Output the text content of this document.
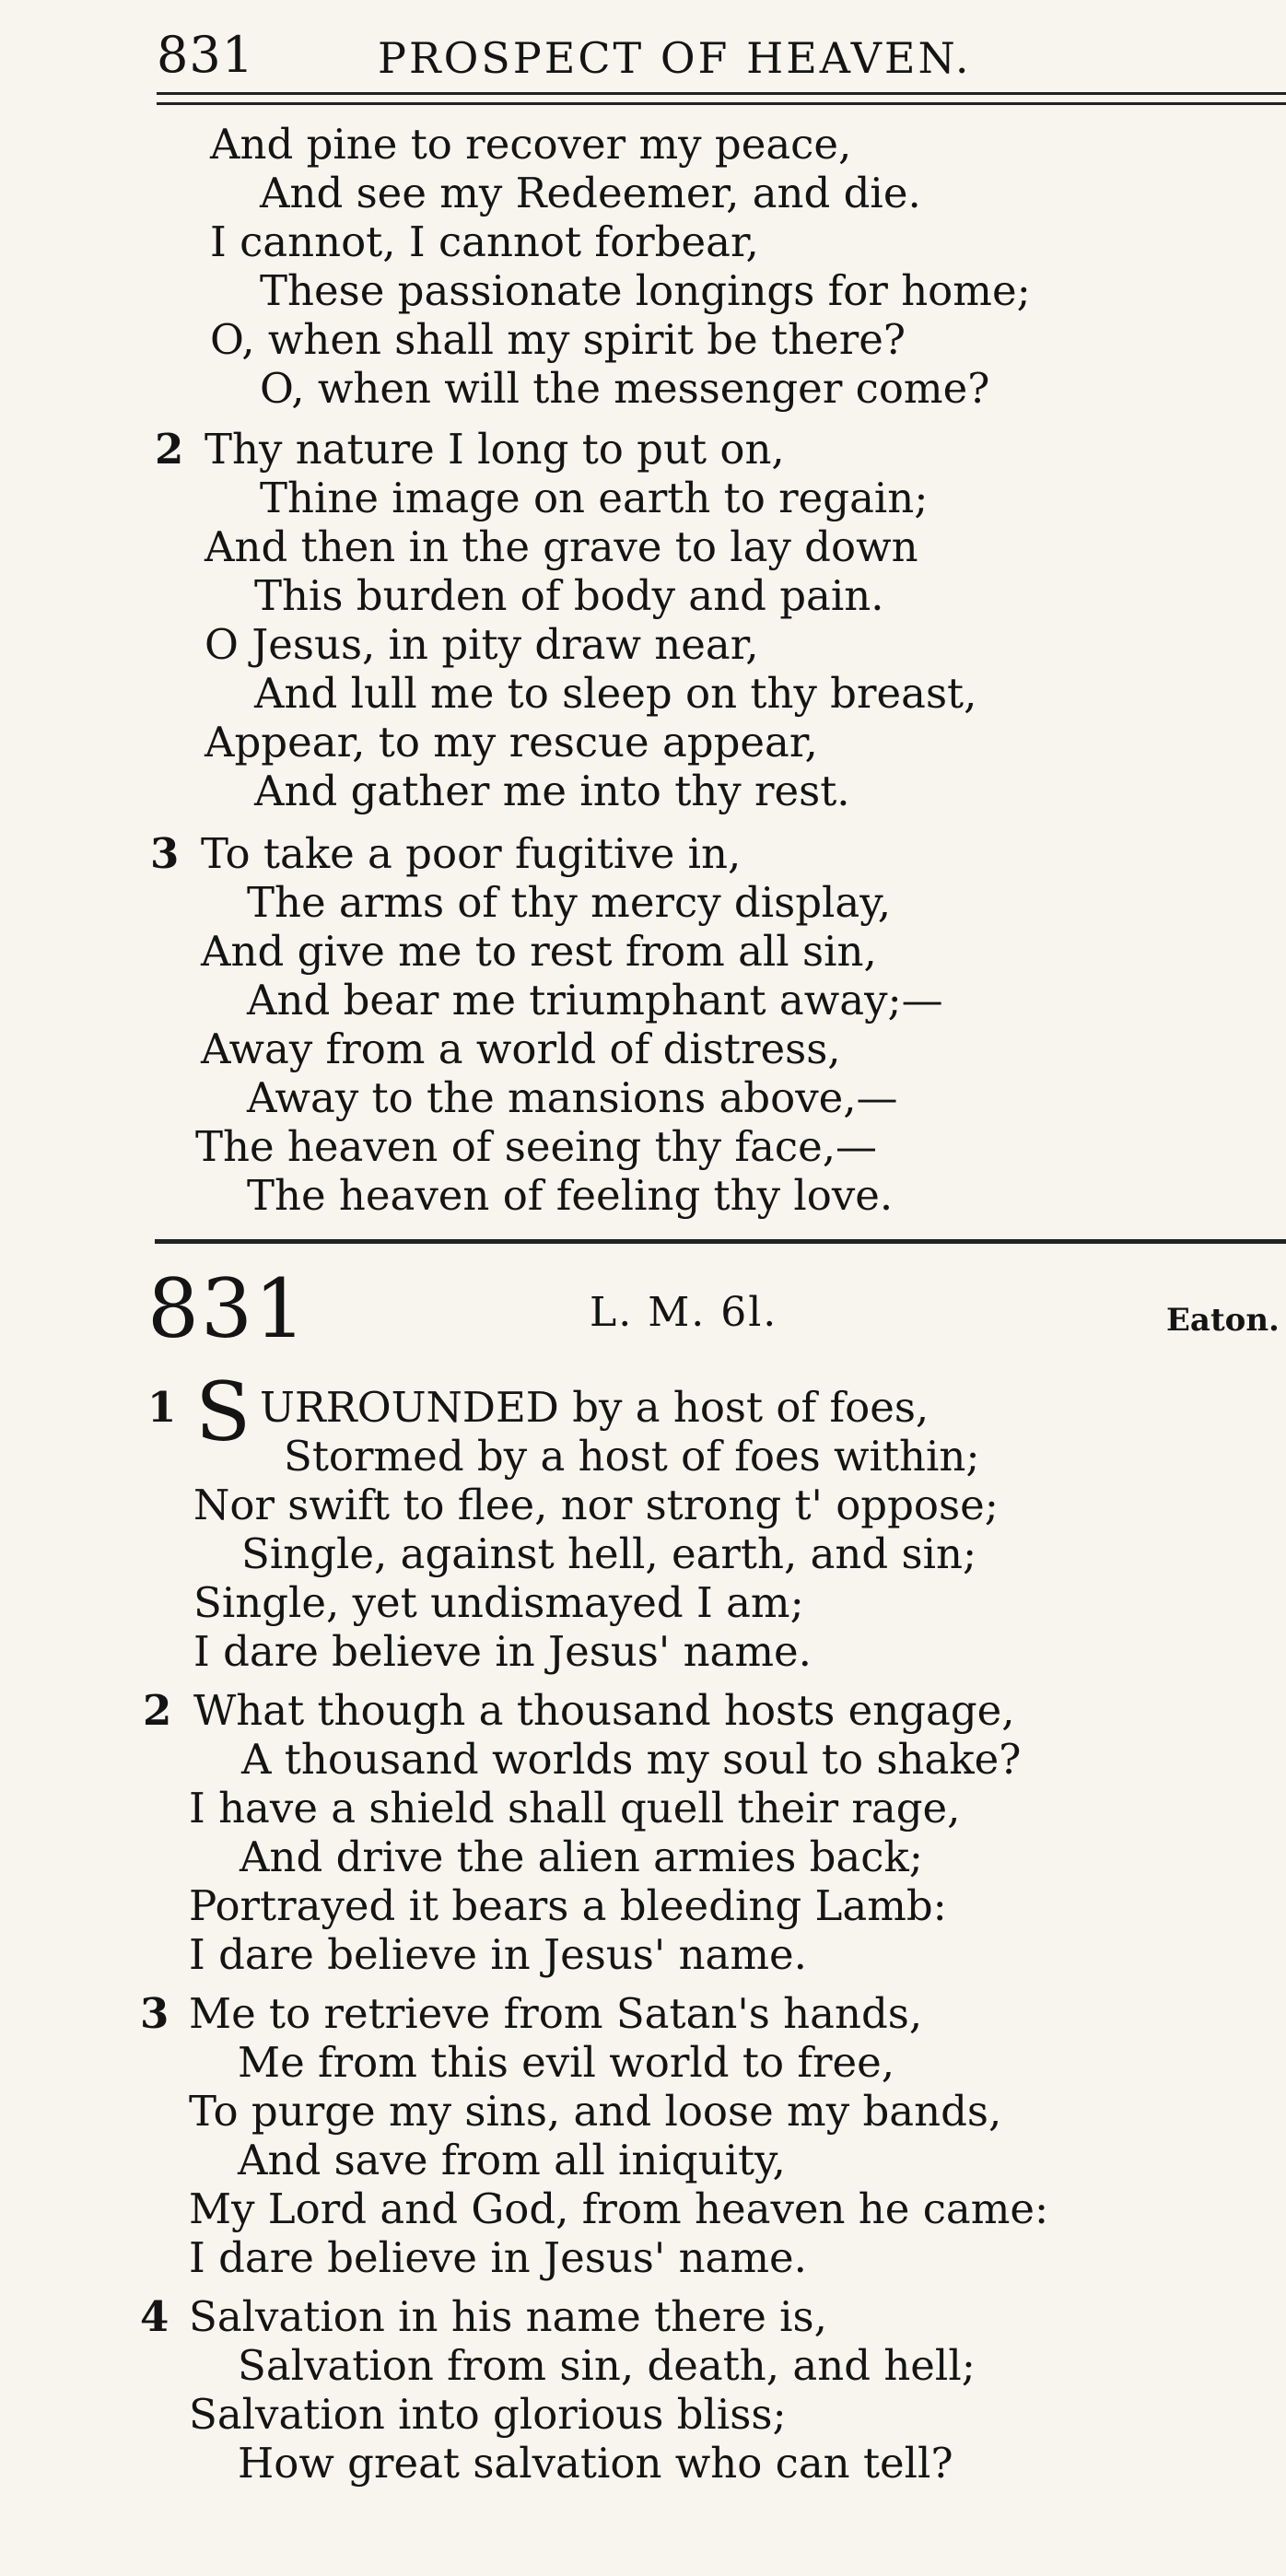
831	PROSPECT OF HEAVEN.
And pine to recover my peace,
And see my Redeemer, and die.
I cannot, I cannot forbear,
These passionate longings for home;
O, when shall my spirit be there?
O, when will the messenger come?
2 Thy nature I long to put on,
Thine image on earth to regain;
And then in the grave to lay down
This burden of body and pain.
O Jesus, in pity draw near,
And lull me to sleep on thy breast,
Appear, to my rescue appear,
And gather me into thy rest.
3 To take a poor fugitive in,
The arms of thy mercy display,
And give me to rest from all sin,
And bear me triumphant away;—
Away from a world of distress,
Away to the mansions above,—
The heaven of seeing thy face,—
The heaven of feeling thy love.
831	L. M. 6l.	Eaton.
1 S URROUNDED by a host of foes,
Stormed by a host of foes within;
Nor swift to flee, nor strong t' oppose;
Single, against hell, earth, and sin;
Single, yet undismayed I am;
I dare believe in Jesus' name.
2 What though a thousand hosts engage,
A thousand worlds my soul to shake?
I have a shield shall quell their rage,
And drive the alien armies back;
Portrayed it bears a bleeding Lamb:
I dare believe in Jesus' name.
3 Me to retrieve from Satan's hands,
Me from this evil world to free,
To purge my sins, and loose my bands,
And save from all iniquity,
My Lord and God, from heaven he came:
I dare believe in Jesus' name.
4 Salvation in his name there is,
Salvation from sin, death, and hell;
Salvation into glorious bliss;
How great salvation who can tell?
